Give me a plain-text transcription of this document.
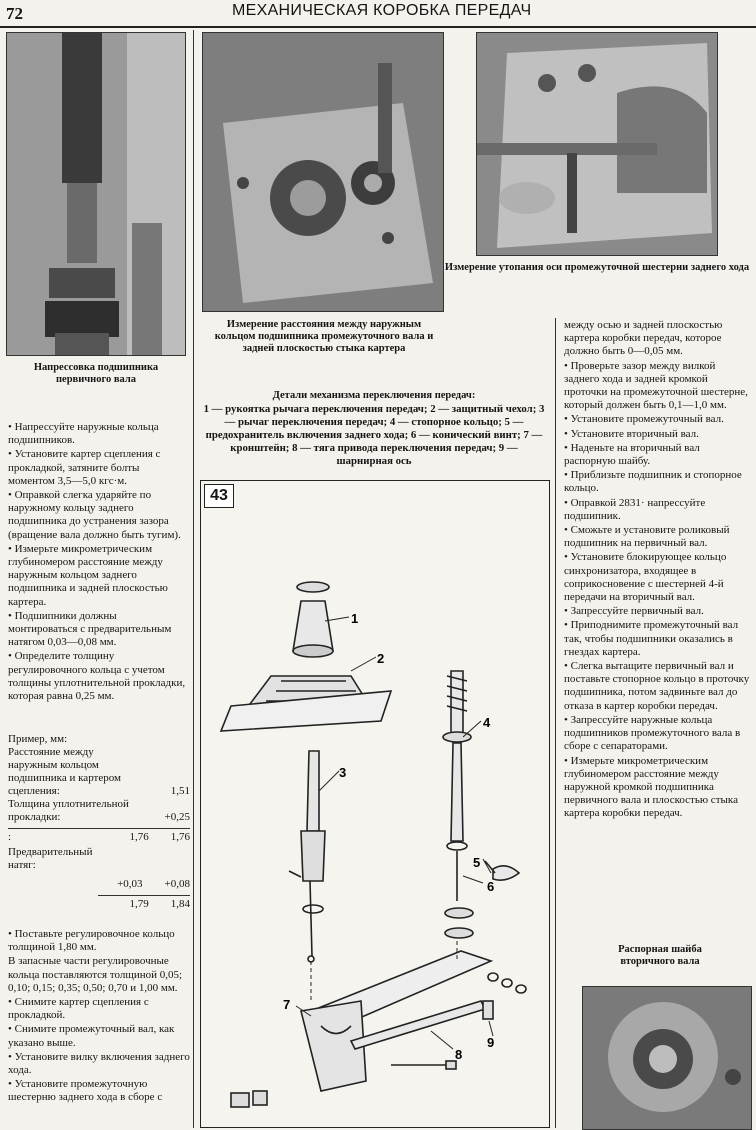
72	МЕХАНИЧЕСКАЯ КОРОБКА ПЕРЕДАЧ
Напрессовка подшипника первичного вала
Измерение расстояния между наружным кольцом подшипника промежуточного вала и задней плоскостью стыка картера
Измерение утопания оси промежуточной шестерни заднего хода
Детали механизма переключения передач:
1 — рукоятка рычага переключения передач; 2 — защитный чехол; 3 — рычаг переключения передач; 4 — стопорное кольцо; 5 — предохранитель включения заднего хода; 6 — конический винт; 7 — кронштейн; 8 — тяга привода переключения передач; 9 — шарнирная ось

• Напрессуйте наружные кольца подшипников.

• Установите картер сцепления с прокладкой, затяните болты моментом 3,5—5,0 кгс·м.

• Оправкой слегка ударяйте по наружному кольцу заднего подшипника до устранения зазора (вращение вала должно быть тугим).

• Измерьте микрометрическим глубиномером расстояние между наружным кольцом заднего подшипника и задней плоскостью картера.

• Подшипники должны монтироваться с предварительным натягом 0,03—0,08 мм.

• Определите толщину регулировочного кольца с учетом толщины уплотнительной прокладки, которая равна 0,25 мм.

Пример, мм:
Расстояние между наружным кольцом подшипника и картером сцепления:	1,51
Толщина уплотнительной прокладки:	+0,25
:	1,76 1,76
Предварительный натяг:
+0,03 +0,08
1,79 1,84

• Поставьте регулировочное кольцо толщиной 1,80 мм.

В запасные части регулировочные кольца поставляются толщиной 0,05; 0,10; 0,15; 0,35; 0,50; 0,70 и 1,00 мм.

• Снимите картер сцепления с прокладкой.

• Снимите промежуточный вал, как указано выше.

• Установите вилку включения заднего хода.

• Установите промежуточную шестерню заднего хода в сборе с

43
1
2
3
4
5
6
7
8
9

между осью и задней плоскостью картера коробки передач, которое должно быть 0—0,05 мм.

• Проверьте зазор между вилкой заднего хода и задней кромкой проточки на промежуточной шестерне, который должен быть 0,1—1,0 мм.

• Установите промежуточный вал.

• Установите вторичный вал.

• Наденьте на вторичный вал распорную шайбу.

• Приблизьте подшипник и стопорное кольцо.

• Оправкой 2831· напрессуйте подшипник.

• Сможьте и установите роликовый подшипник на первичный вал.

• Установите блокирующее кольцо синхронизатора, входящее в соприкосновение с шестерней 4-й передачи на вторичный вал.

• Запрессуйте первичный вал.

• Приподнимите промежуточный вал так, чтобы подшипники оказались в гнездах картера.

• Слегка вытащите первичный вал и поставьте стопорное кольцо в проточку подшипника, потом задвиньте вал до отказа в картер коробки передач.

• Запрессуйте наружные кольца подшипников промежуточного вала в сборе с сепараторами.

• Измерьте микрометрическим глубиномером расстояние между наружной кромкой подшипника первичного вала и плоскостью стыка картера коробки передач.

Распорная шайба вторичного вала
